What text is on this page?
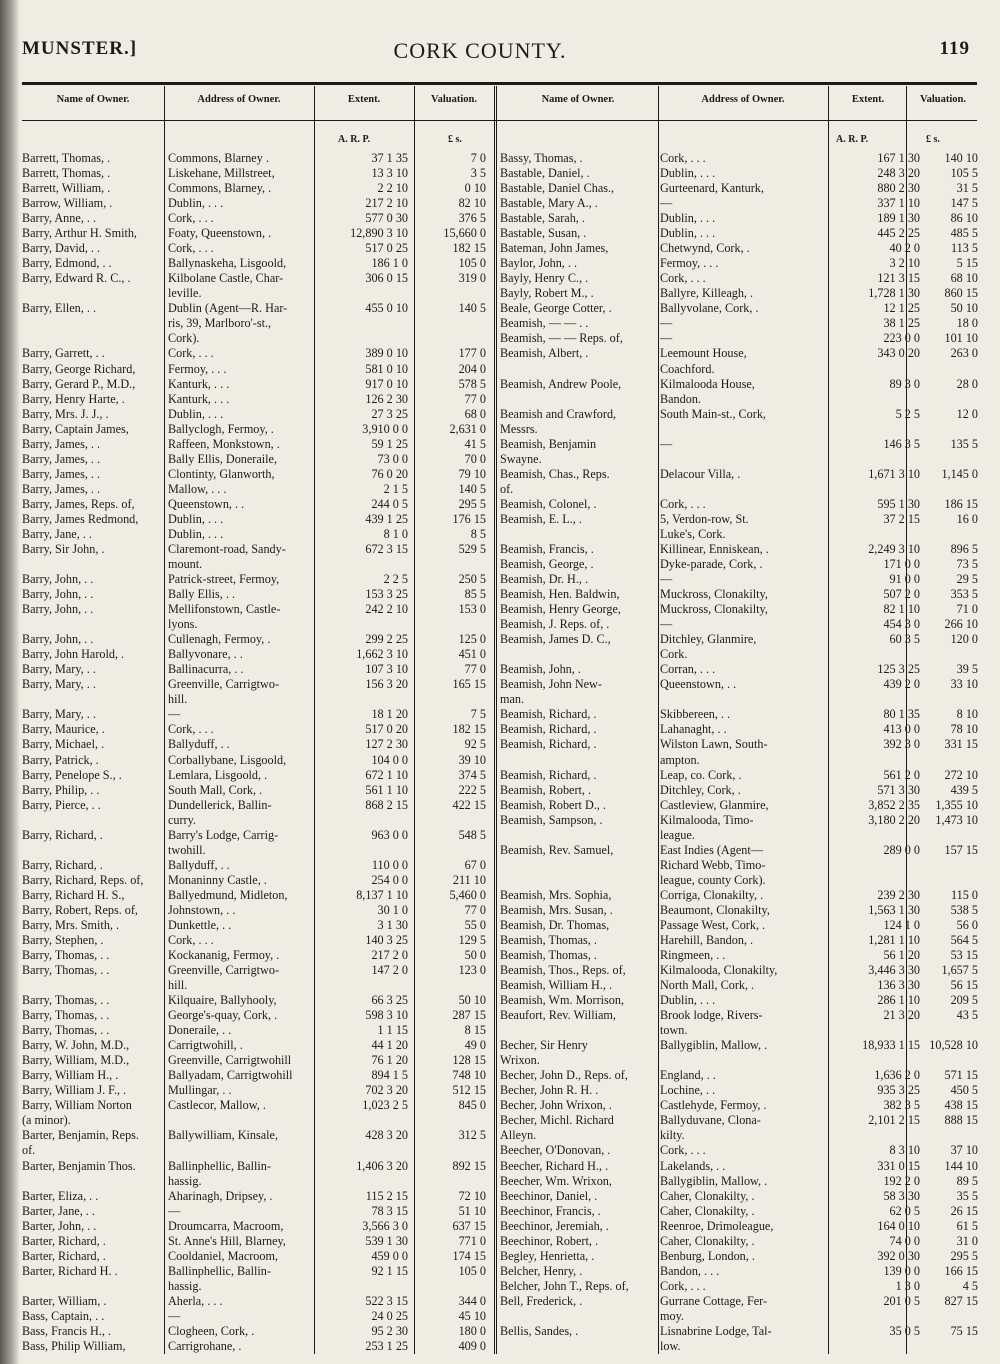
MUNSTER.]	CORK COUNTY.	119
Name of Owner.	Address of Owner.	Extent.	Valuation.	Name of Owner.	Address of Owner.	Extent.	Valuation.
A. R. P.	£ s.	A. R. P.	£ s.
Barrett, Thomas, .	Commons, Blarney .	37 1 35	7 0
Barrett, Thomas, .	Liskehane, Millstreet,	13 3 10	3 5
Barrett, William, .	Commons, Blarney, .	2 2 10	0 10
Barrow, William, .	Dublin, . . .	217 2 10	82 10
Barry, Anne, . .	Cork, . . .	577 0 30	376 5
Barry, Arthur H. Smith,	Foaty, Queenstown, .	12,890 3 10	15,660 0
Barry, David, . .	Cork, . . .	517 0 25	182 15
Barry, Edmond, . .	Ballynaskeha, Lisgoold,	186 1 0	105 0
Barry, Edward R. C., .	Kilbolane Castle, Char-	306 0 15	319 0
leville.
Barry, Ellen, . .	Dublin (Agent—R. Har-	455 0 10	140 5
ris, 39, Marlboro'-st.,
Cork).
Barry, Garrett, . .	Cork, . . .	389 0 10	177 0
Barry, George Richard,	Fermoy, . . .	581 0 10	204 0
Barry, Gerard P., M.D.,	Kanturk, . . .	917 0 10	578 5
Barry, Henry Harte, .	Kanturk, . . .	126 2 30	77 0
Barry, Mrs. J. J., .	Dublin, . . .	27 3 25	68 0
Barry, Captain James,	Ballyclogh, Fermoy, .	3,910 0 0	2,631 0
Barry, James, . .	Raffeen, Monkstown, .	59 1 25	41 5
Barry, James, . .	Bally Ellis, Doneraile,	73 0 0	70 0
Barry, James, . .	Clontinty, Glanworth,	76 0 20	79 10
Barry, James, . .	Mallow, . . .	2 1 5	140 5
Barry, James, Reps. of,	Queenstown, . .	244 0 5	295 5
Barry, James Redmond,	Dublin, . . .	439 1 25	176 15
Barry, Jane, . .	Dublin, . . .	8 1 0	8 5
Barry, Sir John, .	Claremont-road, Sandy-	672 3 15	529 5
mount.
Barry, John, . .	Patrick-street, Fermoy,	2 2 5	250 5
Barry, John, . .	Bally Ellis, . .	153 3 25	85 5
Barry, John, . .	Mellifonstown, Castle-	242 2 10	153 0
lyons.
Barry, John, . .	Cullenagh, Fermoy, .	299 2 25	125 0
Barry, John Harold, .	Ballyvonare, . .	1,662 3 10	451 0
Barry, Mary, . .	Ballinacurra, . .	107 3 10	77 0
Barry, Mary, . .	Greenville, Carrigtwo-	156 3 20	165 15
hill.
Barry, Mary, . .	—	18 1 20	7 5
Barry, Maurice, .	Cork, . . .	517 0 20	182 15
Barry, Michael, .	Ballyduff, . .	127 2 30	92 5
Barry, Patrick, .	Corballybane, Lisgoold,	104 0 0	39 10
Barry, Penelope S., .	Lemlara, Lisgoold, .	672 1 10	374 5
Barry, Philip, . .	South Mall, Cork, .	561 1 10	222 5
Barry, Pierce, . .	Dundellerick, Ballin-	868 2 15	422 15
curry.
Barry, Richard, .	Barry's Lodge, Carrig-	963 0 0	548 5
twohill.
Barry, Richard, .	Ballyduff, . .	110 0 0	67 0
Barry, Richard, Reps. of,	Monaninny Castle, .	254 0 0	211 10
Barry, Richard H. S.,	Ballyedmund, Midleton,	8,137 1 10	5,460 0
Barry, Robert, Reps. of,	Johnstown, . .	30 1 0	77 0
Barry, Mrs. Smith, .	Dunkettle, . .	3 1 30	55 0
Barry, Stephen, .	Cork, . . .	140 3 25	129 5
Barry, Thomas, . .	Kockananig, Fermoy, .	217 2 0	50 0
Barry, Thomas, . .	Greenville, Carrigtwo-	147 2 0	123 0
hill.
Barry, Thomas, . .	Kilquaire, Ballyhooly,	66 3 25	50 10
Barry, Thomas, . .	George's-quay, Cork, .	598 3 10	287 15
Barry, Thomas, . .	Doneraile, . .	1 1 15	8 15
Barry, W. John, M.D.,	Carrigtwohill, .	44 1 20	49 0
Barry, William, M.D.,	Greenville, Carrigtwohill	76 1 20	128 15
Barry, William H., .	Ballyadam, Carrigtwohill	894 1 5	748 10
Barry, William J. F., .	Mullingar, . .	702 3 20	512 15
Barry, William Norton	Castlecor, Mallow, .	1,023 2 5	845 0
(a minor).
Barter, Benjamin, Reps.	Ballywilliam, Kinsale,	428 3 20	312 5
of.
Barter, Benjamin Thos.	Ballinphellic, Ballin-	1,406 3 20	892 15
hassig.
Barter, Eliza, . .	Aharinagh, Dripsey, .	115 2 15	72 10
Barter, Jane, . .	—	78 3 15	51 10
Barter, John, . .	Droumcarra, Macroom,	3,566 3 0	637 15
Barter, Richard, .	St. Anne's Hill, Blarney,	539 1 30	771 0
Barter, Richard, .	Cooldaniel, Macroom,	459 0 0	174 15
Barter, Richard H. .	Ballinphellic, Ballin-	92 1 15	105 0
hassig.
Barter, William, .	Aherla, . . .	522 3 15	344 0
Bass, Captain, . .	—	24 0 25	45 10
Bass, Francis H., .	Clogheen, Cork, .	95 2 30	180 0
Bass, Philip William,	Carrigrohane, .	253 1 25	409 0
Bassy, Thomas, .	Cork, . . .	167 1 30	140 10
Bastable, Daniel, .	Dublin, . . .	248 3 20	105 5
Bastable, Daniel Chas.,	Gurteenard, Kanturk,	880 2 30	31 5
Bastable, Mary A., .	—	337 1 10	147 5
Bastable, Sarah, .	Dublin, . . .	189 1 30	86 10
Bastable, Susan, .	Dublin, . . .	445 2 25	485 5
Bateman, John James,	Chetwynd, Cork, .	40 2 0	113 5
Baylor, John, . .	Fermoy, . . .	3 2 10	5 15
Bayly, Henry C., .	Cork, . . .	121 3 15	68 10
Bayly, Robert M., .	Ballyre, Killeagh, .	1,728 1 30	860 15
Beale, George Cotter, .	Ballyvolane, Cork, .	12 1 25	50 10
Beamish, — — . .	—	38 1 25	18 0
Beamish, — — Reps. of,	—	223 0 0	101 10
Beamish, Albert, .	Leemount House,	343 0 20	263 0
Coachford.
Beamish, Andrew Poole,	Kilmalooda House,	89 3 0	28 0
Bandon.
Beamish and Crawford,	South Main-st., Cork,	5 2 5	12 0
Messrs.
Beamish, Benjamin	—	146 3 5	135 5
Swayne.
Beamish, Chas., Reps.	Delacour Villa, .	1,671 3 10	1,145 0
of.
Beamish, Colonel, .	Cork, . . .	595 1 30	186 15
Beamish, E. L., .	5, Verdon-row, St.	37 2 15	16 0
Luke's, Cork.
Beamish, Francis, .	Killinear, Enniskean, .	2,249 3 10	896 5
Beamish, George, .	Dyke-parade, Cork, .	171 0 0	73 5
Beamish, Dr. H., .	—	91 0 0	29 5
Beamish, Hen. Baldwin,	Muckross, Clonakilty,	507 2 0	353 5
Beamish, Henry George,	Muckross, Clonakilty,	82 1 10	71 0
Beamish, J. Reps. of, .	—	454 3 0	266 10
Beamish, James D. C.,	Ditchley, Glanmire,	60 3 5	120 0
Cork.
Beamish, John, .	Corran, . . .	125 3 25	39 5
Beamish, John New-	Queenstown, . .	439 2 0	33 10
man.
Beamish, Richard, .	Skibbereen, . .	80 1 35	8 10
Beamish, Richard, .	Lahanaght, . .	413 0 0	78 10
Beamish, Richard, .	Wilston Lawn, South-	392 3 0	331 15
ampton.
Beamish, Richard, .	Leap, co. Cork, .	561 2 0	272 10
Beamish, Robert, .	Ditchley, Cork, .	571 3 30	439 5
Beamish, Robert D., .	Castleview, Glanmire,	3,852 2 35	1,355 10
Beamish, Sampson, .	Kilmalooda, Timo-	3,180 2 20	1,473 10
league.
Beamish, Rev. Samuel,	East Indies (Agent—	289 0 0	157 15
Richard Webb, Timo-
league, county Cork).
Beamish, Mrs. Sophia,	Corriga, Clonakilty, .	239 2 30	115 0
Beamish, Mrs. Susan, .	Beaumont, Clonakilty,	1,563 1 30	538 5
Beamish, Dr. Thomas,	Passage West, Cork, .	124 1 0	56 0
Beamish, Thomas, .	Harehill, Bandon, .	1,281 1 10	564 5
Beamish, Thomas, .	Ringmeen, . .	56 1 20	53 15
Beamish, Thos., Reps. of,	Kilmalooda, Clonakilty,	3,446 3 30	1,657 5
Beamish, William H., .	North Mall, Cork, .	136 3 30	56 15
Beamish, Wm. Morrison,	Dublin, . . .	286 1 10	209 5
Beaufort, Rev. William,	Brook lodge, Rivers-	21 3 20	43 5
town.
Becher, Sir Henry	Ballygiblin, Mallow, .	18,933 1 15 10,528 10
Wrixon.
Becher, John D., Reps. of,	England, . .	1,636 2 0	571 15
Becher, John R. H. .	Lochine, . .	935 3 25	450 5
Becher, John Wrixon, .	Castlehyde, Fermoy, .	382 3 5	438 15
Becher, Michl. Richard	Ballyduvane, Clona-	2,101 2 15	888 15
Alleyn.	kilty.
Beecher, O'Donovan, .	Cork, . . .	8 3 10	37 10
Beecher, Richard H., .	Lakelands, . .	331 0 15	144 10
Beecher, Wm. Wrixon,	Ballygiblin, Mallow, .	192 2 0	89 5
Beechinor, Daniel, .	Caher, Clonakilty, .	58 3 30	35 5
Beechinor, Francis, .	Caher, Clonakilty, .	62 0 5	26 15
Beechinor, Jeremiah, .	Reenroe, Drimoleague,	164 0 10	61 5
Beechinor, Robert, .	Caher, Clonakilty, .	74 0 0	31 0
Begley, Henrietta, .	Benburg, London, .	392 0 30	295 5
Belcher, Henry, .	Bandon, . . .	139 0 0	166 15
Belcher, John T., Reps. of,	Cork, . . .	1 3 0	4 5
Bell, Frederick, .	Gurrane Cottage, Fer-	201 0 5	827 15
moy.
Bellis, Sandes, .	Lisnabrine Lodge, Tal-	35 0 5	75 15
low.
